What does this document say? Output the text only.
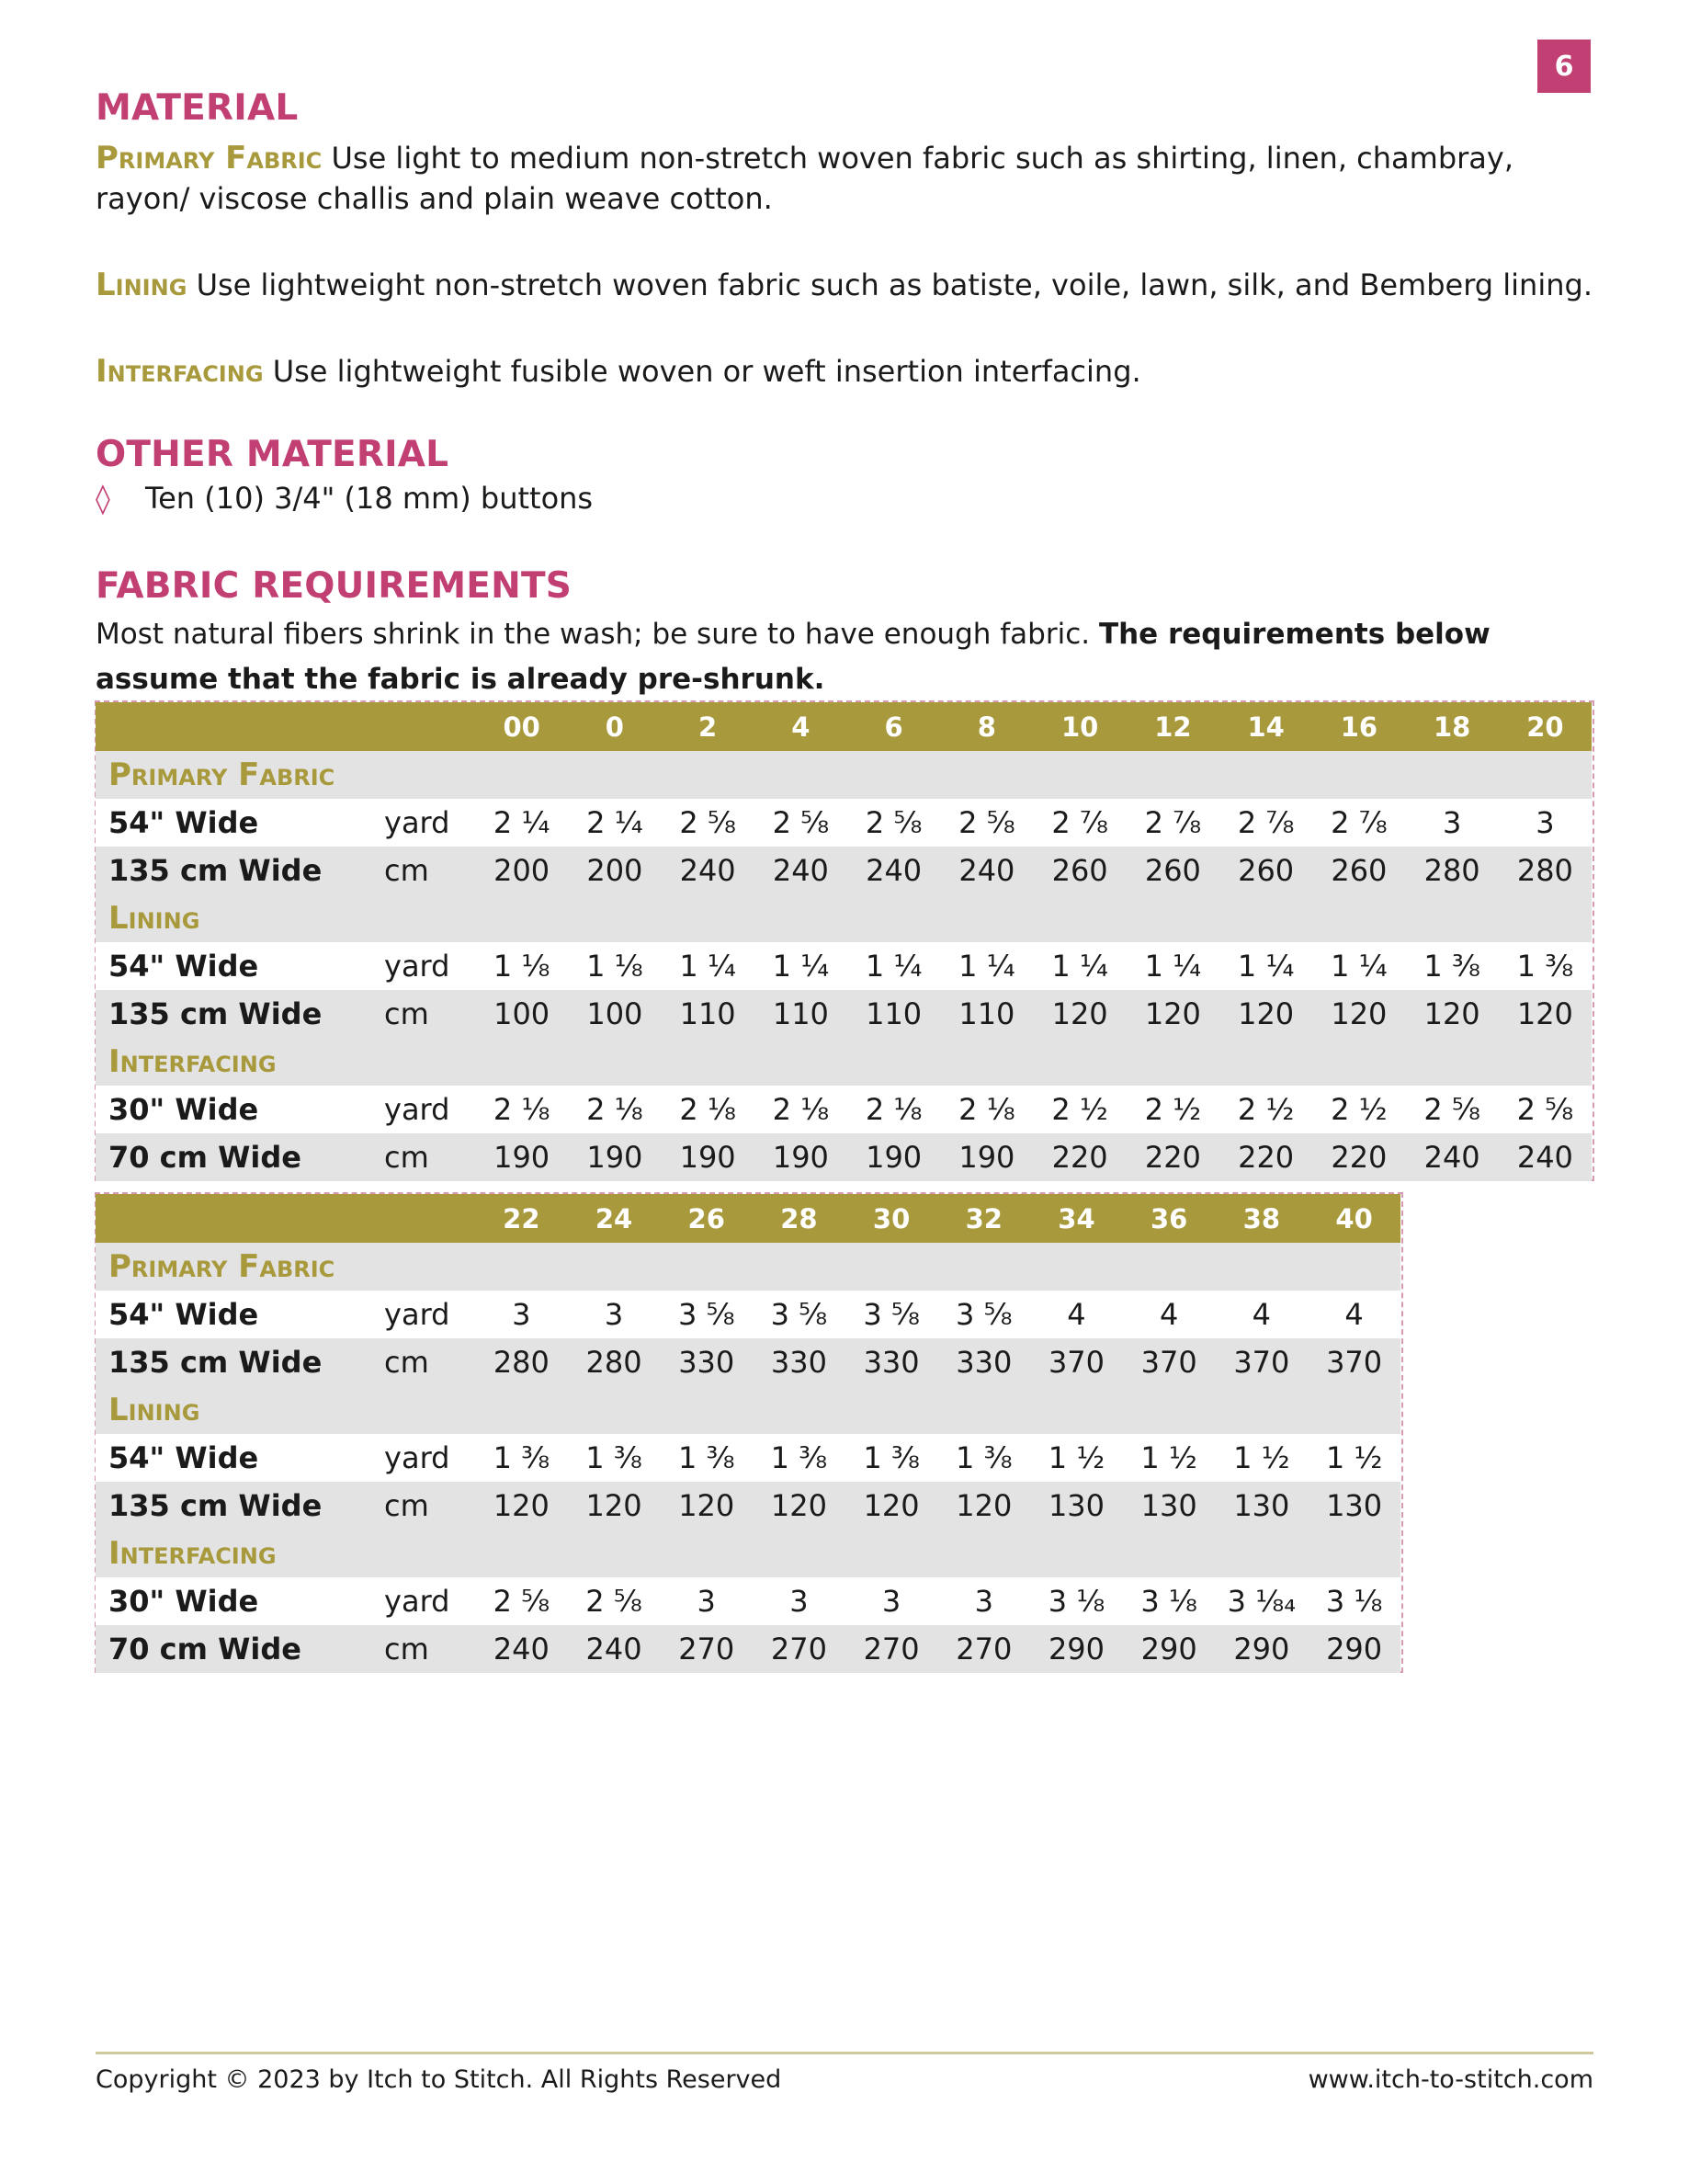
6
MATERIAL

Primary Fabric Use light to medium non-stretch woven fabric such as shirting, linen, chambray, rayon/ viscose challis and plain weave cotton.

Lining Use lightweight non-stretch woven fabric such as batiste, voile, lawn, silk, and Bemberg lining.

Interfacing Use lightweight fusible woven or weft insertion interfacing.

OTHER MATERIAL
◊ Ten (10) 3/4" (18 mm) buttons
FABRIC REQUIREMENTS

Most natural fibers shrink in the wash; be sure to have enough fabric. The requirements below assume that the fabric is already pre-shrunk.

		00	0	2	4	6	8	10	12	14	16	18	20
Primary Fabric													
54" Wide	yard	2 ¼	2 ¼	2 ⅝	2 ⅝	2 ⅝	2 ⅝	2 ⅞	2 ⅞	2 ⅞	2 ⅞	3	3
135 cm Wide	cm	200	200	240	240	240	240	260	260	260	260	280	280
Lining													
54" Wide	yard	1 ⅛	1 ⅛	1 ¼	1 ¼	1 ¼	1 ¼	1 ¼	1 ¼	1 ¼	1 ¼	1 ⅜	1 ⅜
135 cm Wide	cm	100	100	110	110	110	110	120	120	120	120	120	120
Interfacing													
30" Wide	yard	2 ⅛	2 ⅛	2 ⅛	2 ⅛	2 ⅛	2 ⅛	2 ½	2 ½	2 ½	2 ½	2 ⅝	2 ⅝
70 cm Wide	cm	190	190	190	190	190	190	220	220	220	220	240	240
		22	24	26	28	30	32	34	36	38	40
Primary Fabric											
54" Wide	yard	3	3	3 ⅝	3 ⅝	3 ⅝	3 ⅝	4	4	4	4
135 cm Wide	cm	280	280	330	330	330	330	370	370	370	370
Lining											
54" Wide	yard	1 ⅜	1 ⅜	1 ⅜	1 ⅜	1 ⅜	1 ⅜	1 ½	1 ½	1 ½	1 ½
135 cm Wide	cm	120	120	120	120	120	120	130	130	130	130
Interfacing											
30" Wide	yard	2 ⅝	2 ⅝	3	3	3	3	3 ⅛	3 ⅛	3 ¹⁄₈₄	3 ⅛
70 cm Wide	cm	240	240	270	270	270	270	290	290	290	290
Copyright © 2023 by Itch to Stitch. All Rights Reserved	www.itch-to-stitch.com
